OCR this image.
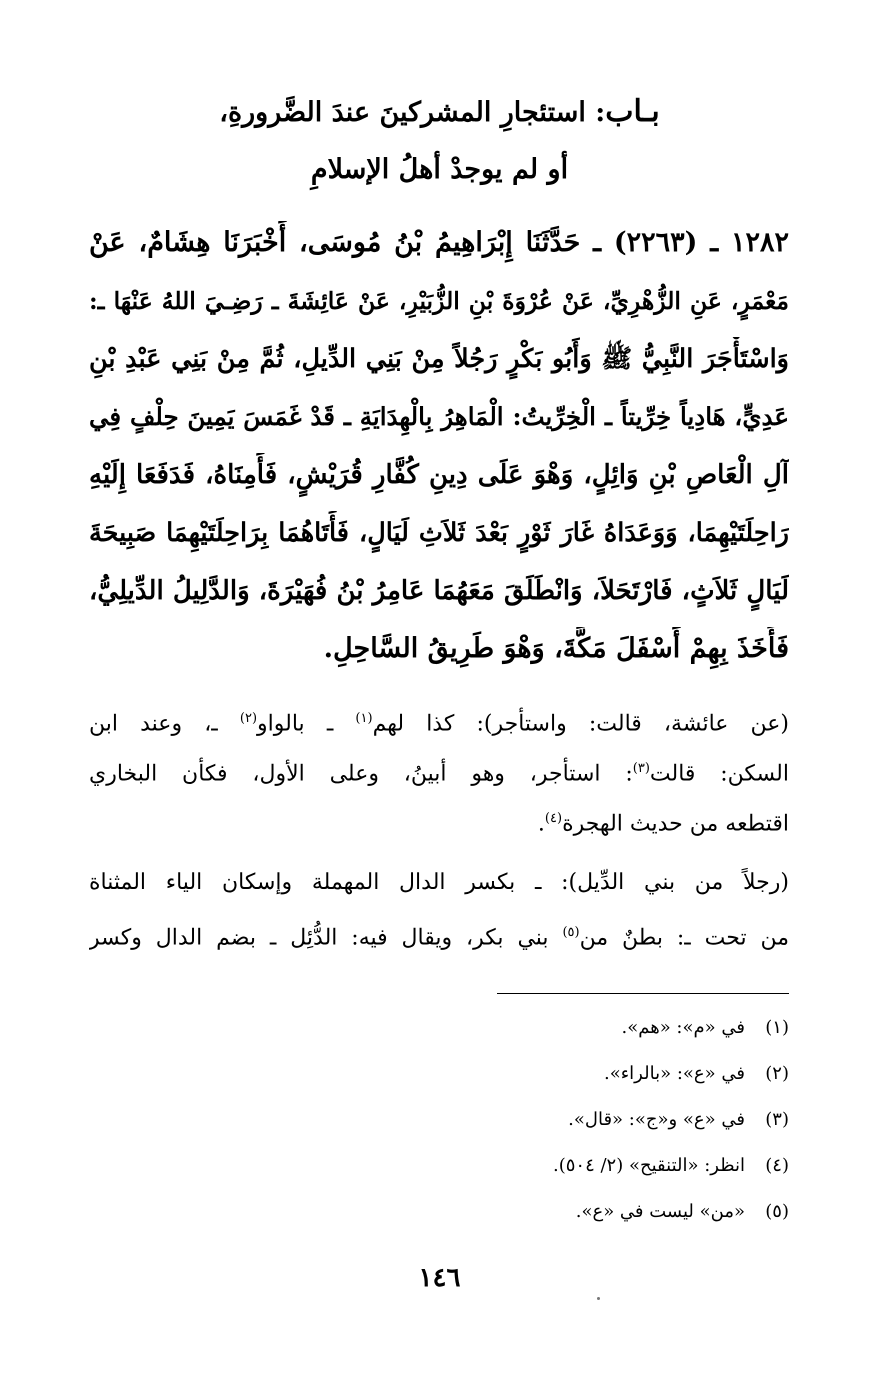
بـاب: استئجارِ المشركينَ عندَ الضَّرورةِ،
أو لم يوجدْ أهلُ الإسلامِ
١٢٨٢ ـ (٢٢٦٣) ـ حَدَّثَنَا إِبْرَاهِيمُ بْنُ مُوسَى، أَخْبَرَنَا هِشَامٌ، عَنْ
مَعْمَرٍ، عَنِ الزُّهْرِيِّ، عَنْ عُرْوَةَ بْنِ الزُّبَيْرِ، عَنْ عَائِشَةَ ـ رَضِـيَ اللهُ عَنْهَا ـ:
وَاسْتَأْجَرَ النَّبِيُّ ﷺ وَأَبُو بَكْرٍ رَجُلاً مِنْ بَنِي الدِّيلِ، ثُمَّ مِنْ بَنِي عَبْدِ بْنِ
عَدِيٍّ، هَادِياً خِرِّيتاً ـ الْخِرِّيتُ: الْمَاهِرُ بِالْهِدَايَةِ ـ قَدْ غَمَسَ يَمِينَ حِلْفٍ فِي
آلِ الْعَاصِ بْنِ وَائِلٍ، وَهْوَ عَلَى دِينِ كُفَّارِ قُرَيْشٍ، فَأَمِنَاهُ، فَدَفَعَا إِلَيْهِ
رَاحِلَتَيْهِمَا، وَوَعَدَاهُ غَارَ ثَوْرٍ بَعْدَ ثَلاَثِ لَيَالٍ، فَأَتَاهُمَا بِرَاحِلَتَيْهِمَا صَبِيحَةَ
لَيَالٍ ثَلاَثٍ، فَارْتَحَلاَ، وَانْطَلَقَ مَعَهُمَا عَامِرُ بْنُ فُهَيْرَةَ، وَالدَّلِيلُ الدِّيلِيُّ،
فَأَخَذَ بِهِمْ أَسْفَلَ مَكَّةَ، وَهْوَ طَرِيقُ السَّاحِلِ.
(عن عائشة، قالت: واستأجر): كذا لهم$^{(١)}$ ـ بالواو$^{(٢)}$ ـ، وعند ابن
السكن: قالت$^{(٣)}$: استأجر، وهو أبينُ، وعلى الأول، فكأن البخاري
اقتطعه من حديث الهجرة$^{(٤)}$.
(رجلاً من بني الدِّيل): ـ بكسر الدال المهملة وإسكان الياء المثناة
من تحت ـ: بطنٌ من$^{(٥)}$ بني بكر، ويقال فيه: الدُّئِل ـ بضم الدال وكسر
(١)في «م»: «هم».
(٢)في «ع»: «بالراء».
(٣)في «ع» و«ج»: «قال».
(٤)انظر: «التنقيح» (٢/ ٥٠٤).
(٥)«من» ليست في «ع».
١٤٦
